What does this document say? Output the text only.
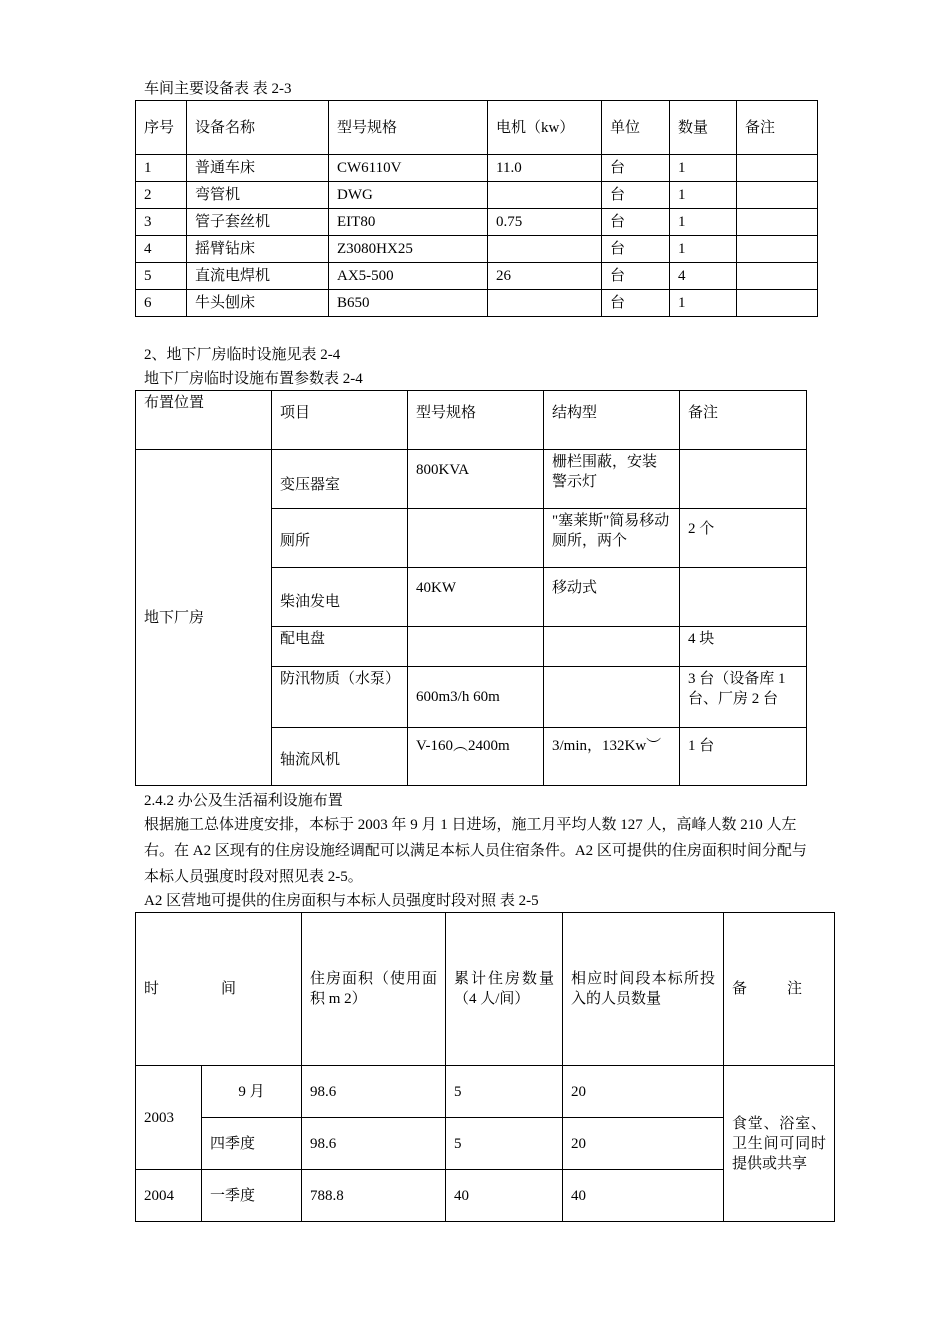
车间主要设备表 表 2-3
序号	设备名称	型号规格	电机（kw）	单位	数量	备注
1	普通车床	CW6110V	11.0	台	1	
2	弯管机	DWG		台	1	
3	管子套丝机	EIT80	0.75	台	1	
4	摇臂钻床	Z3080HX25		台	1	
5	直流电焊机	AX5-500	26	台	4	
6	牛头刨床	B650		台	1	
2、地下厂房临时设施见表 2-4
地下厂房临时设施布置参数表 2-4
布置位置	项目	型号规格	结构型	备注
地下厂房	变压器室	800KVA	栅栏围蔽，安装警示灯	
	厕所		"塞莱斯"简易移动厕所，两个	2 个
	柴油发电	40KW	移动式	
	配电盘			4 块
	防汛物质（水泵）	600m3/h 60m		3 台（设备库 1 台、厂房 2 台
	轴流风机	V-160︵2400m	3/min，132Kw︶	1 台
2.4.2 办公及生活福利设施布置
根据施工总体进度安排，本标于 2003 年 9 月 1 日进场，施工月平均人数 127 人，高峰人数 210 人左右。在 A2 区现有的住房设施经调配可以满足本标人员住宿条件。A2 区可提供的住房面积时间分配与本标人员强度时段对照见表 2-5。
A2 区营地可提供的住房面积与本标人员强度时段对照 表 2-5
时 间		住房面积（使用面积 m 2）	累计住房数量（4 人/间）	相应时间段本标所投入的人员数量	备 注

2003	9 月	98.6	5	20	食堂、浴室、卫生间可同时提供或共享
	四季度	98.6	5	20	
2004	一季度	788.8	40	40	
